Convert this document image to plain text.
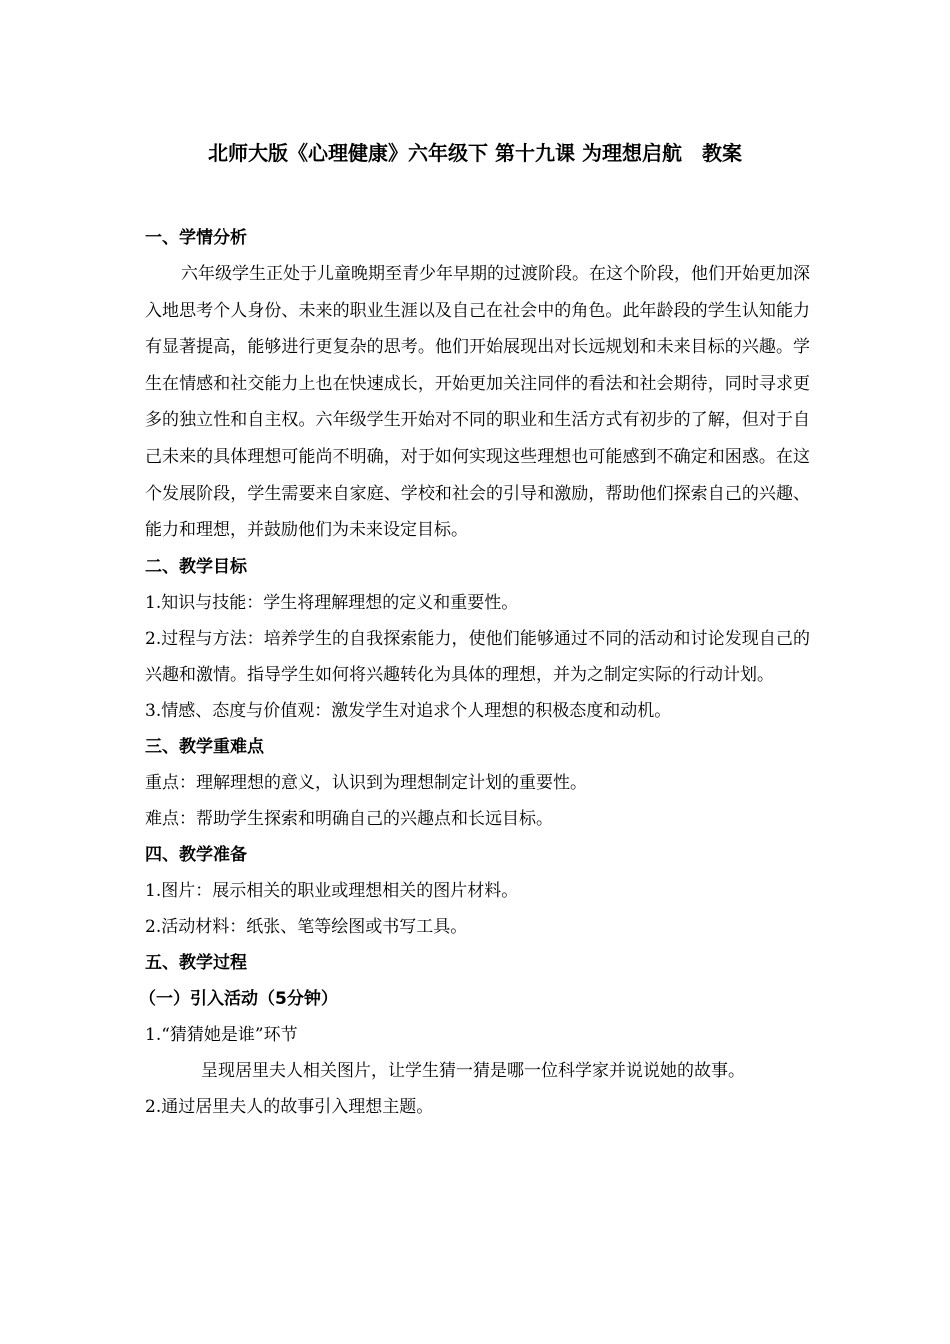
北师大版《心理健康》六年级下 第十九课 为理想启航　教案
一、学情分析

六年级学生正处于儿童晚期至青少年早期的过渡阶段。在这个阶段，他们开始更加深入地思考个人身份、未来的职业生涯以及自己在社会中的角色。此年龄段的学生认知能力有显著提高，能够进行更复杂的思考。他们开始展现出对长远规划和未来目标的兴趣。学生在情感和社交能力上也在快速成长，开始更加关注同伴的看法和社会期待，同时寻求更多的独立性和自主权。六年级学生开始对不同的职业和生活方式有初步的了解，但对于自己未来的具体理想可能尚不明确，对于如何实现这些理想也可能感到不确定和困惑。在这个发展阶段，学生需要来自家庭、学校和社会的引导和激励，帮助他们探索自己的兴趣、能力和理想，并鼓励他们为未来设定目标。

二、教学目标

1.知识与技能：学生将理解理想的定义和重要性。

2.过程与方法：培养学生的自我探索能力，使他们能够通过不同的活动和讨论发现自己的兴趣和激情。指导学生如何将兴趣转化为具体的理想，并为之制定实际的行动计划。

3.情感、态度与价值观：激发学生对追求个人理想的积极态度和动机。

三、教学重难点

重点：理解理想的意义，认识到为理想制定计划的重要性。

难点：帮助学生探索和明确自己的兴趣点和长远目标。

四、教学准备

1.图片：展示相关的职业或理想相关的图片材料。

2.活动材料：纸张、笔等绘图或书写工具。

五、教学过程
（一）引入活动（5分钟）

1.“猜猜她是谁”环节

呈现居里夫人相关图片，让学生猜一猜是哪一位科学家并说说她的故事。

2.通过居里夫人的故事引入理想主题。
